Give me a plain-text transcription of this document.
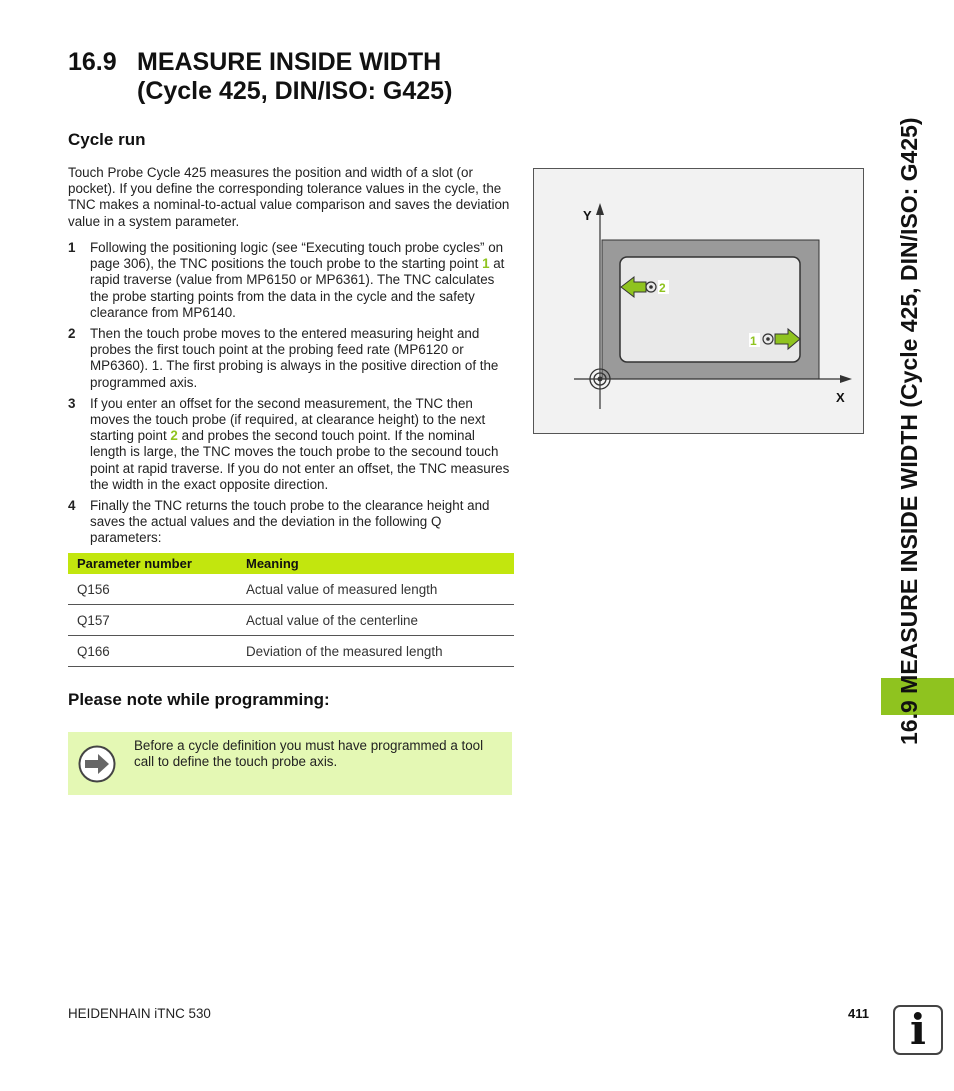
16.9 MEASURE INSIDE WIDTH
(Cycle 425, DIN/ISO: G425)
Cycle run
Touch Probe Cycle 425 measures the position and width of a slot (or pocket). If you define the corresponding tolerance values in the cycle, the TNC makes a nominal-to-actual value comparison and saves the deviation value in a system parameter.
1	Following the positioning logic (see “Executing touch probe cycles” on page 306), the TNC positions the touch probe to the starting point 1 at rapid traverse (value from MP6150 or MP6361). The TNC calculates the probe starting points from the data in the cycle and the safety clearance from MP6140.
2	Then the touch probe moves to the entered measuring height and probes the first touch point at the probing feed rate (MP6120 or MP6360). 1. The first probing is always in the positive direction of the programmed axis.
3	If you enter an offset for the second measurement, the TNC then moves the touch probe (if required, at clearance height) to the next starting point 2 and probes the second touch point. If the nominal length is large, the TNC moves the touch probe to the secound touch point at rapid traverse. If you do not enter an offset, the TNC measures the width in the exact opposite direction.
4	Finally the TNC returns the touch probe to the clearance height and saves the actual values and the deviation in the following Q parameters:
Parameter number	Meaning
Q156	Actual value of measured length
Q157	Actual value of the centerline
Q166	Deviation of the measured length
Please note while programming:
Before a cycle definition you must have programmed a tool call to define the touch probe axis.
Y
X
2
1	16.9 MEASURE INSIDE WIDTH (Cycle 425, DIN/ISO: G425)
HEIDENHAIN iTNC 530	411 i
